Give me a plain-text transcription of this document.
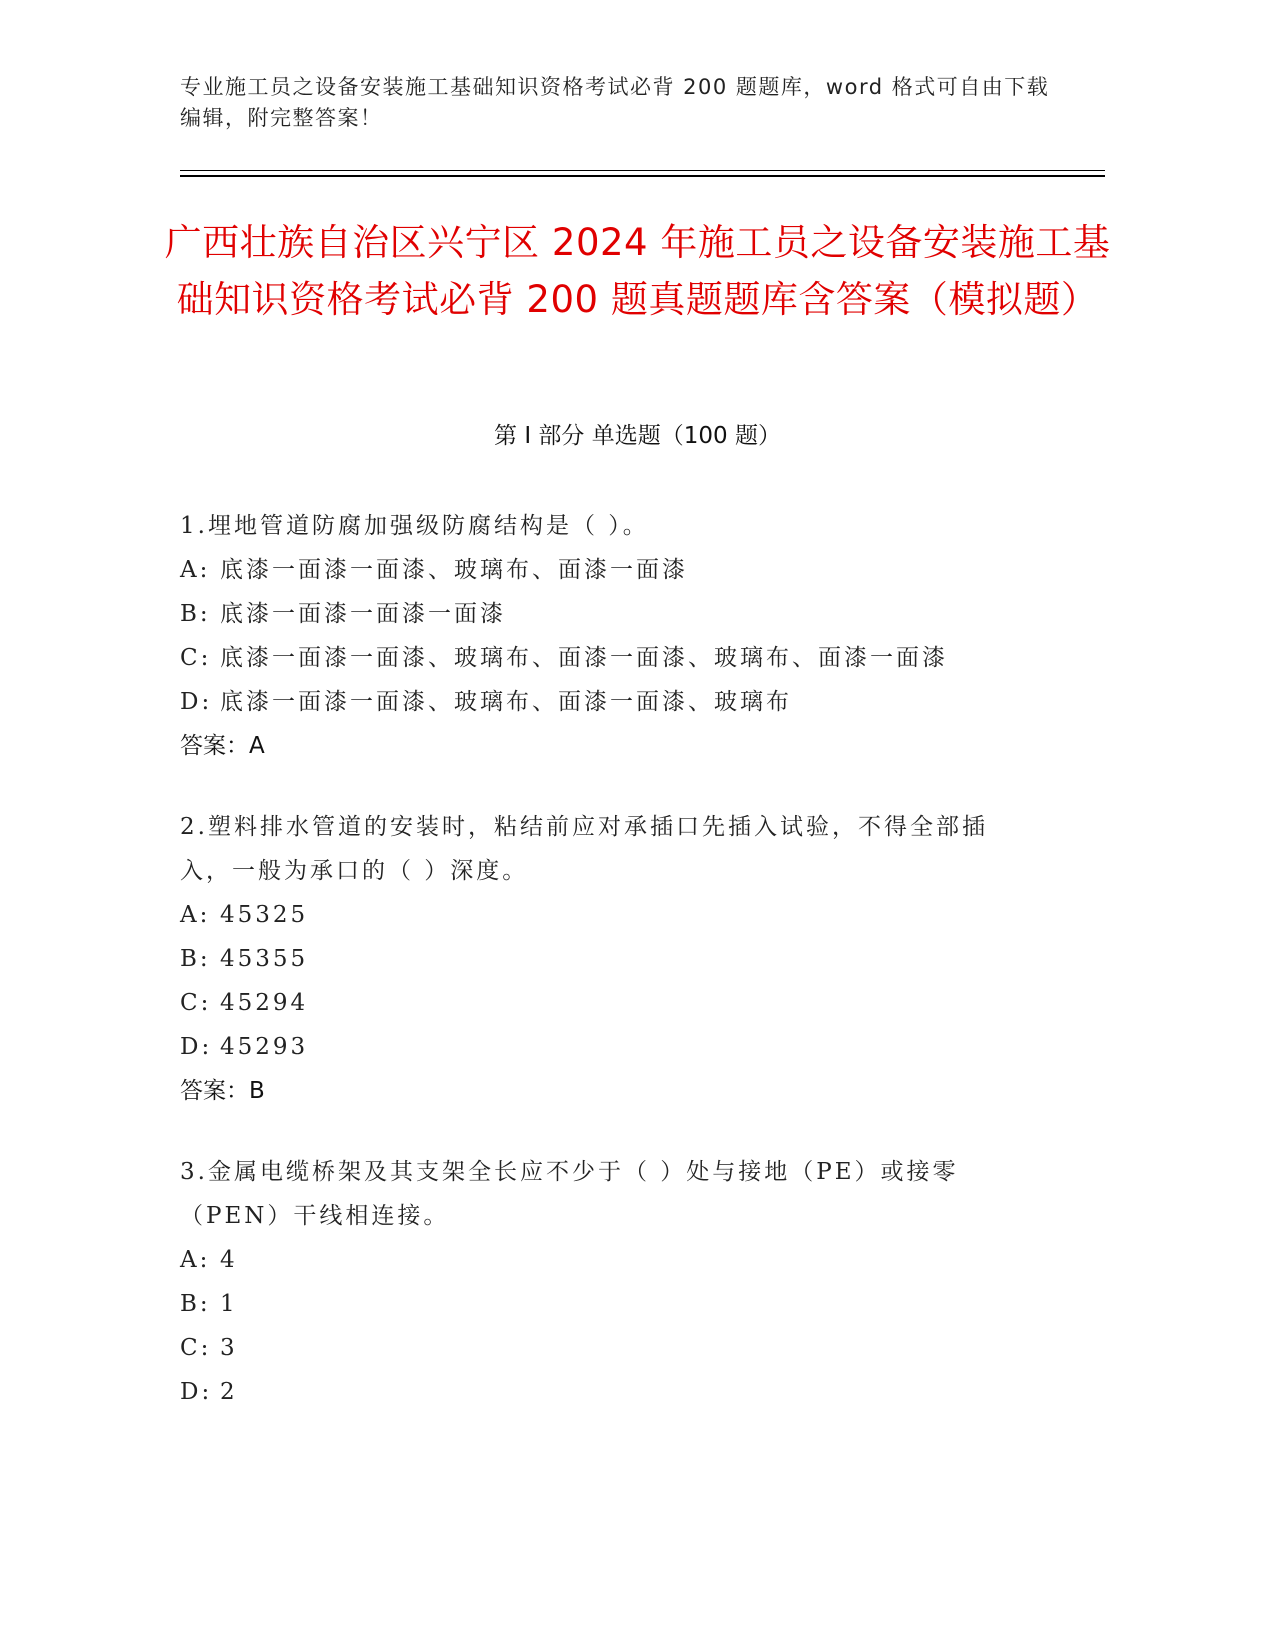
专业施工员之设备安装施工基础知识资格考试必背 200 题题库，word 格式可自由下载编辑，附完整答案！
广西壮族自治区兴宁区 2024 年施工员之设备安装施工基础知识资格考试必背 200 题真题题库含答案（模拟题）
第 I 部分 单选题（100 题）
1.埋地管道防腐加强级防腐结构是（ ）。
A: 底漆一面漆一面漆、玻璃布、面漆一面漆
B: 底漆一面漆一面漆一面漆
C: 底漆一面漆一面漆、玻璃布、面漆一面漆、玻璃布、面漆一面漆
D: 底漆一面漆一面漆、玻璃布、面漆一面漆、玻璃布
答案：A
2.塑料排水管道的安装时，粘结前应对承插口先插入试验，不得全部插入，一般为承口的（ ）深度。
A: 45325
B: 45355
C: 45294
D: 45293
答案：B
3.金属电缆桥架及其支架全长应不少于（ ）处与接地（PE）或接零（PEN）干线相连接。
A: 4
B: 1
C: 3
D: 2
